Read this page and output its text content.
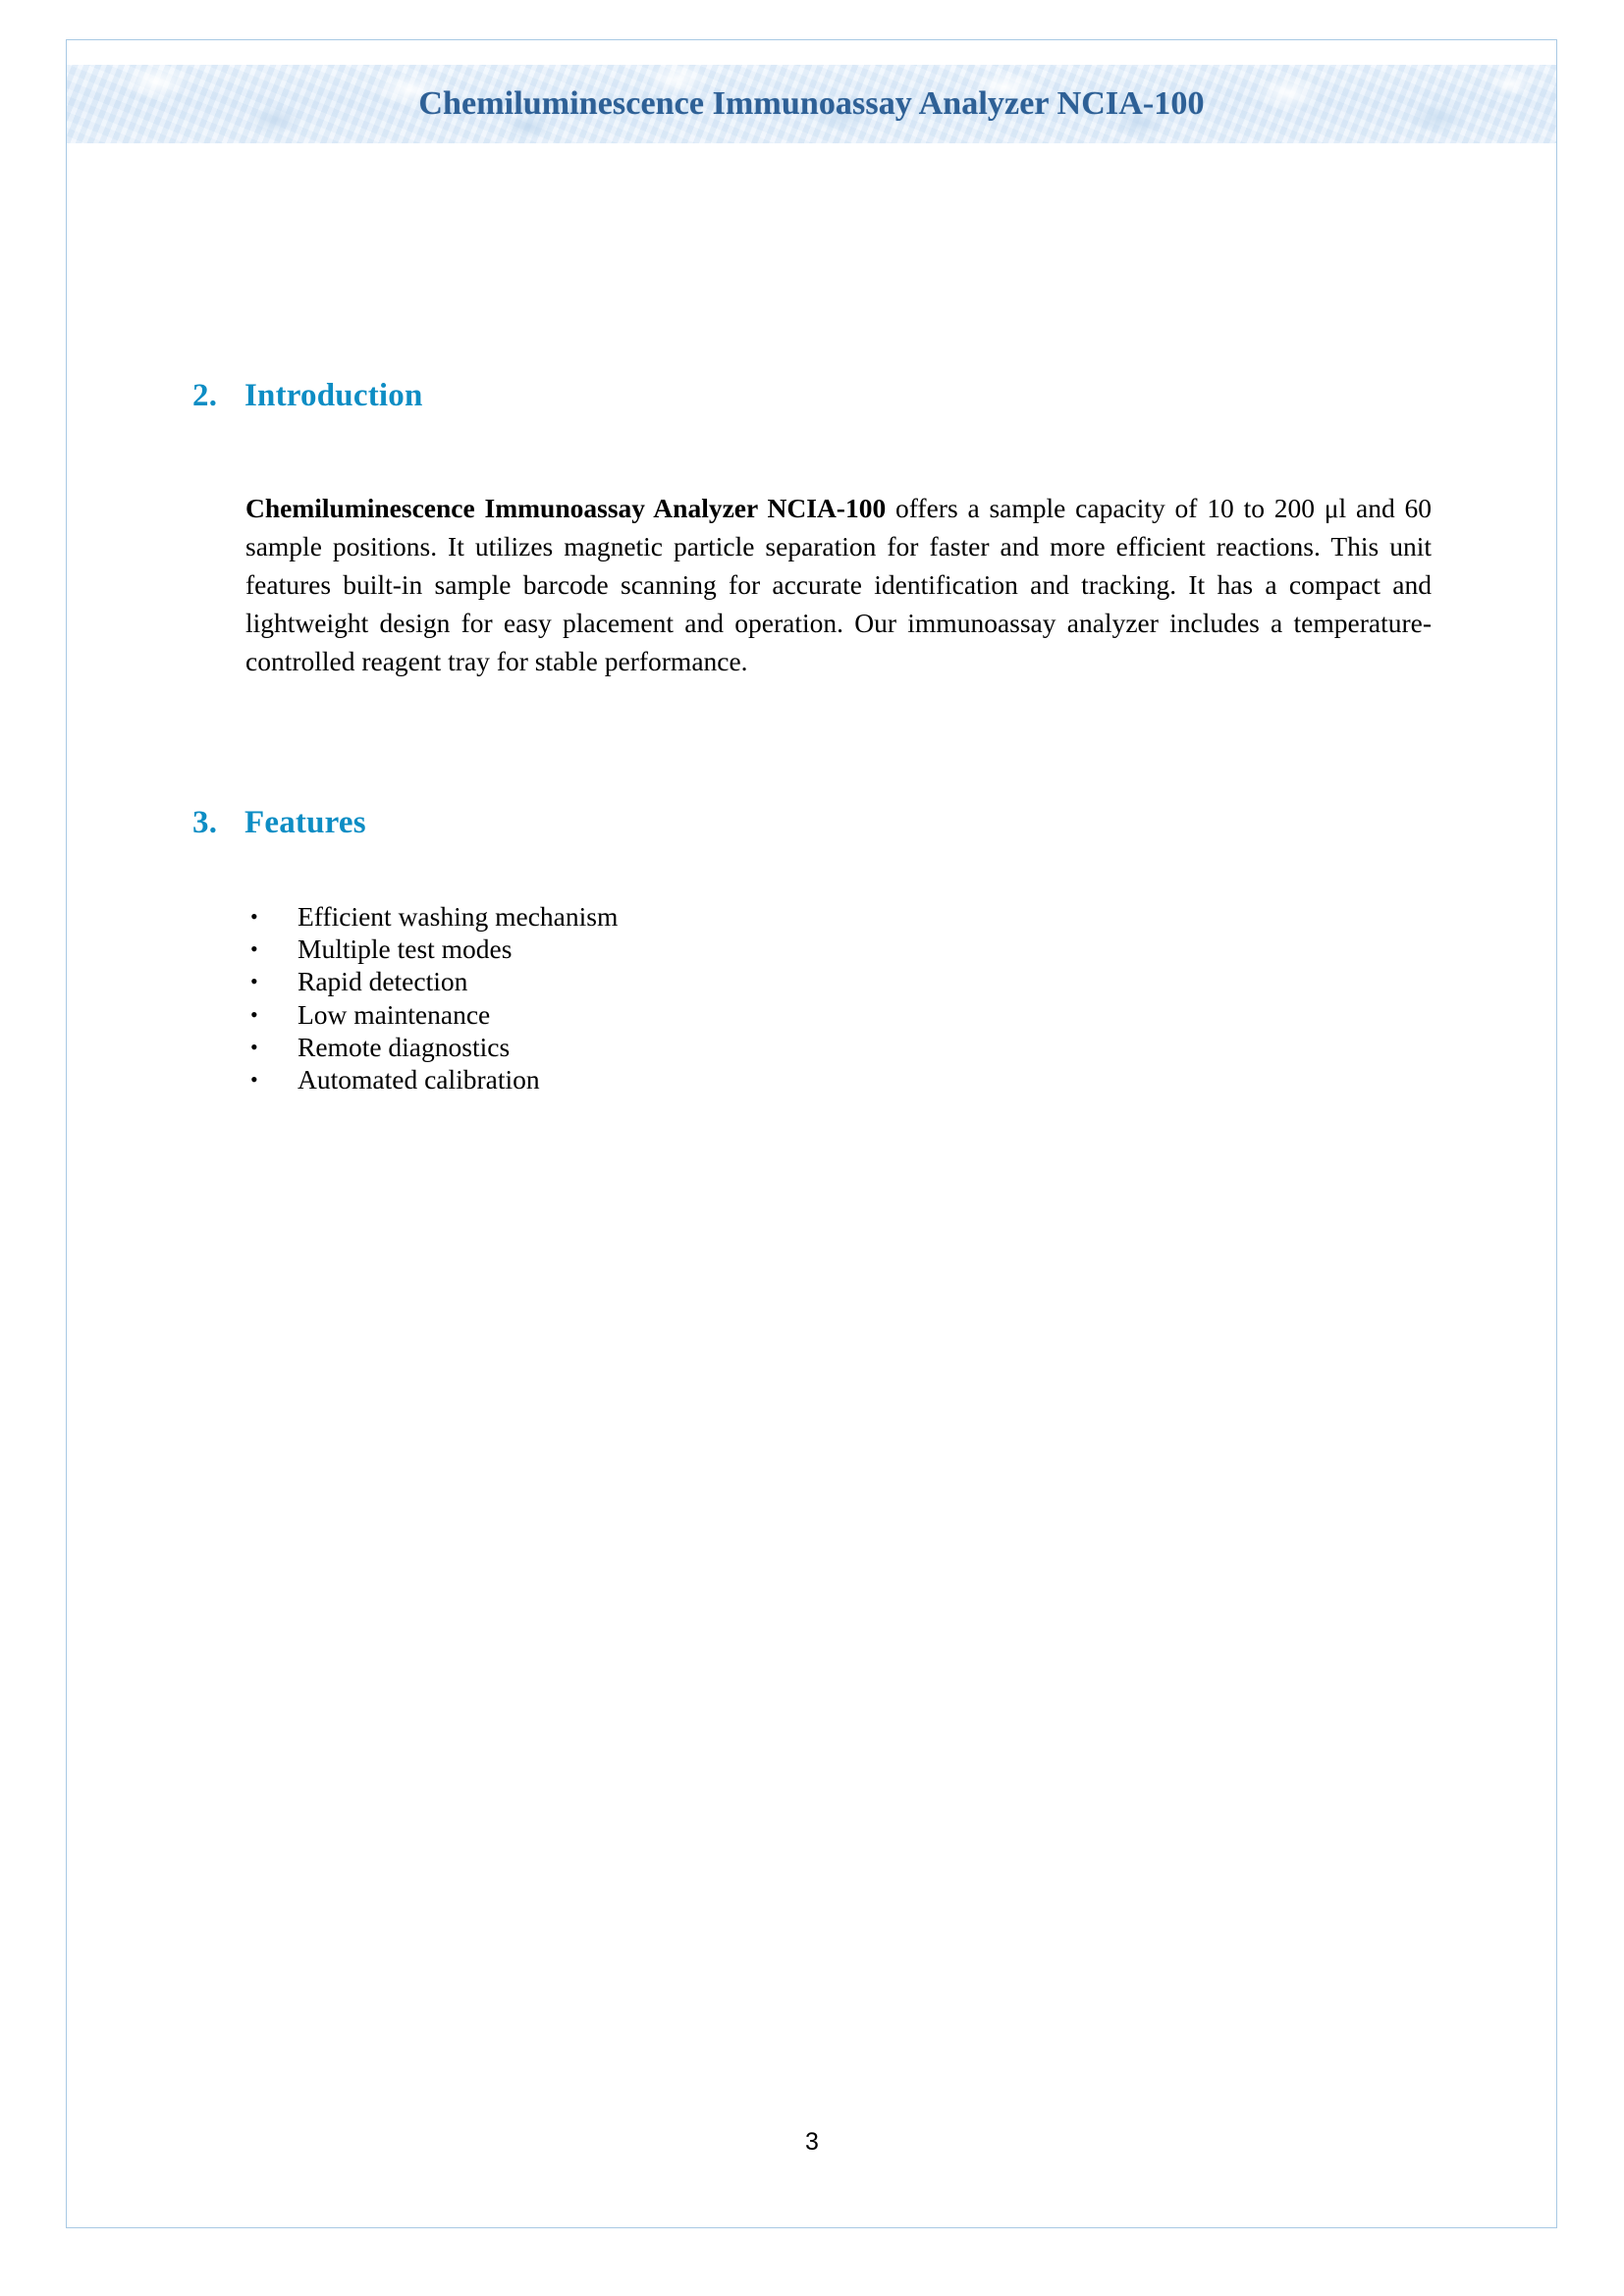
Chemiluminescence Immunoassay Analyzer NCIA-100
2. Introduction

Chemiluminescence Immunoassay Analyzer NCIA-100 offers a sample capacity of 10 to 200 μl and 60 sample positions. It utilizes magnetic particle separation for faster and more efficient reactions. This unit features built-in sample barcode scanning for accurate identification and tracking. It has a compact and lightweight design for easy placement and operation. Our immunoassay analyzer includes a temperature-controlled reagent tray for stable performance.

3. Features
• Efficient washing mechanism
• Multiple test modes
• Rapid detection
• Low maintenance
• Remote diagnostics
• Automated calibration
3
